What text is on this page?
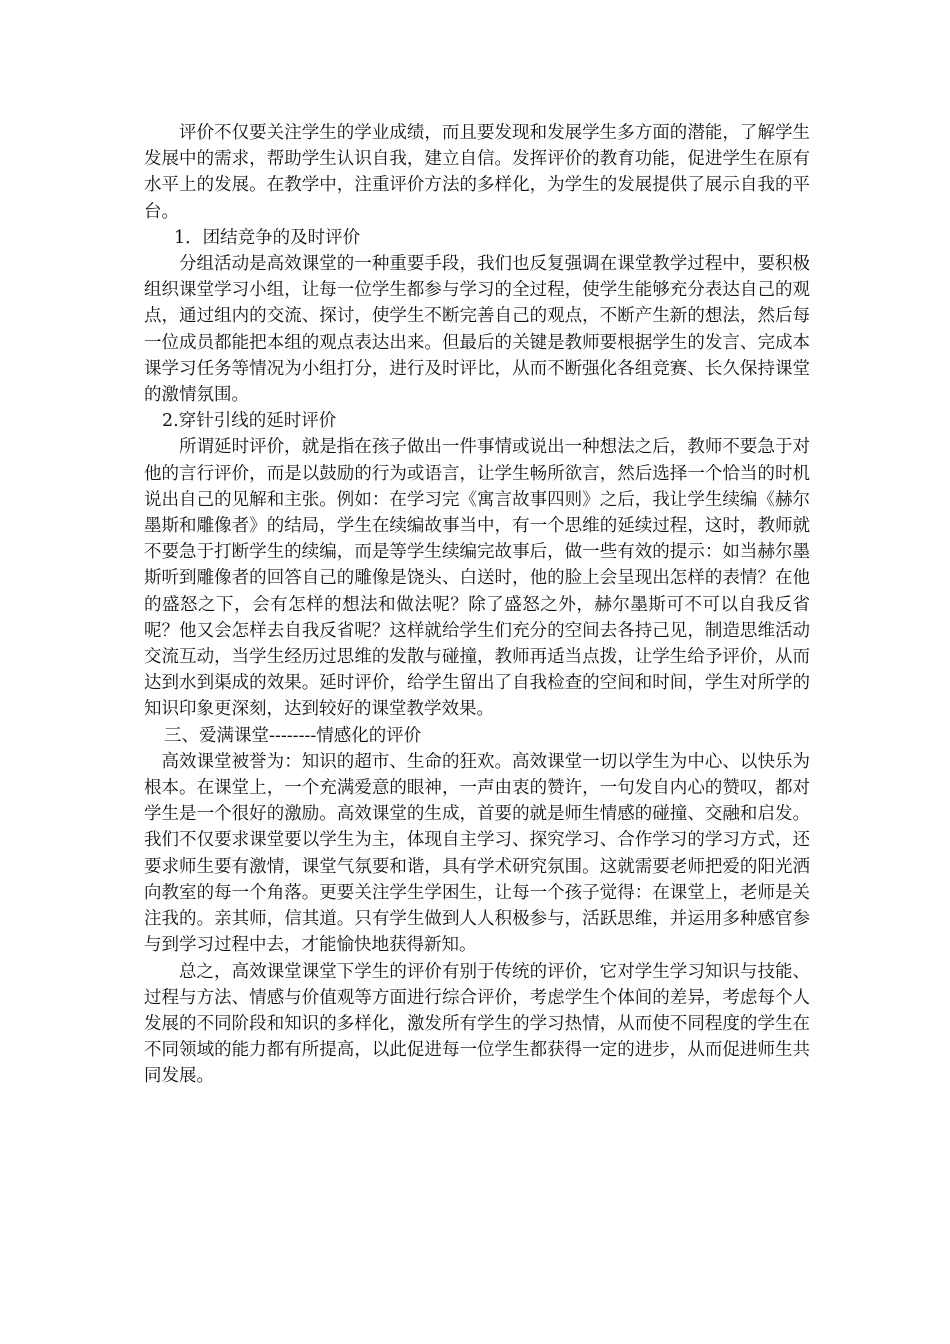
评价不仅要关注学生的学业成绩，而且要发现和发展学生多方面的潜能，了解学生发展中的需求，帮助学生认识自我，建立自信。发挥评价的教育功能，促进学生在原有水平上的发展。在教学中，注重评价方法的多样化，为学生的发展提供了展示自我的平台。

1．团结竞争的及时评价

分组活动是高效课堂的一种重要手段，我们也反复强调在课堂教学过程中，要积极组织课堂学习小组，让每一位学生都参与学习的全过程，使学生能够充分表达自己的观点，通过组内的交流、探讨，使学生不断完善自己的观点，不断产生新的想法，然后每一位成员都能把本组的观点表达出来。但最后的关键是教师要根据学生的发言、完成本课学习任务等情况为小组打分，进行及时评比，从而不断强化各组竞赛、长久保持课堂的激情氛围。

2.穿针引线的延时评价

所谓延时评价，就是指在孩子做出一件事情或说出一种想法之后，教师不要急于对他的言行评价，而是以鼓励的行为或语言，让学生畅所欲言，然后选择一个恰当的时机说出自己的见解和主张。例如：在学习完《寓言故事四则》之后，我让学生续编《赫尔墨斯和雕像者》的结局，学生在续编故事当中，有一个思维的延续过程，这时，教师就不要急于打断学生的续编，而是等学生续编完故事后，做一些有效的提示：如当赫尔墨斯听到雕像者的回答自己的雕像是饶头、白送时，他的脸上会呈现出怎样的表情？在他的盛怒之下，会有怎样的想法和做法呢？除了盛怒之外，赫尔墨斯可不可以自我反省呢？他又会怎样去自我反省呢？这样就给学生们充分的空间去各持己见，制造思维活动交流互动，当学生经历过思维的发散与碰撞，教师再适当点拨，让学生给予评价，从而达到水到渠成的效果。延时评价，给学生留出了自我检查的空间和时间，学生对所学的知识印象更深刻，达到较好的课堂教学效果。

三、爱满课堂--------情感化的评价

高效课堂被誉为：知识的超市、生命的狂欢。高效课堂一切以学生为中心、以快乐为根本。在课堂上，一个充满爱意的眼神，一声由衷的赞许，一句发自内心的赞叹，都对学生是一个很好的激励。高效课堂的生成，首要的就是师生情感的碰撞、交融和启发。我们不仅要求课堂要以学生为主，体现自主学习、探究学习、合作学习的学习方式，还要求师生要有激情，课堂气氛要和谐，具有学术研究氛围。这就需要老师把爱的阳光洒向教室的每一个角落。更要关注学生学困生，让每一个孩子觉得：在课堂上，老师是关注我的。亲其师，信其道。只有学生做到人人积极参与，活跃思维，并运用多种感官参与到学习过程中去，才能愉快地获得新知。

总之，高效课堂课堂下学生的评价有别于传统的评价，它对学生学习知识与技能、过程与方法、情感与价值观等方面进行综合评价，考虑学生个体间的差异，考虑每个人发展的不同阶段和知识的多样化，激发所有学生的学习热情，从而使不同程度的学生在不同领域的能力都有所提高，以此促进每一位学生都获得一定的进步，从而促进师生共同发展。
